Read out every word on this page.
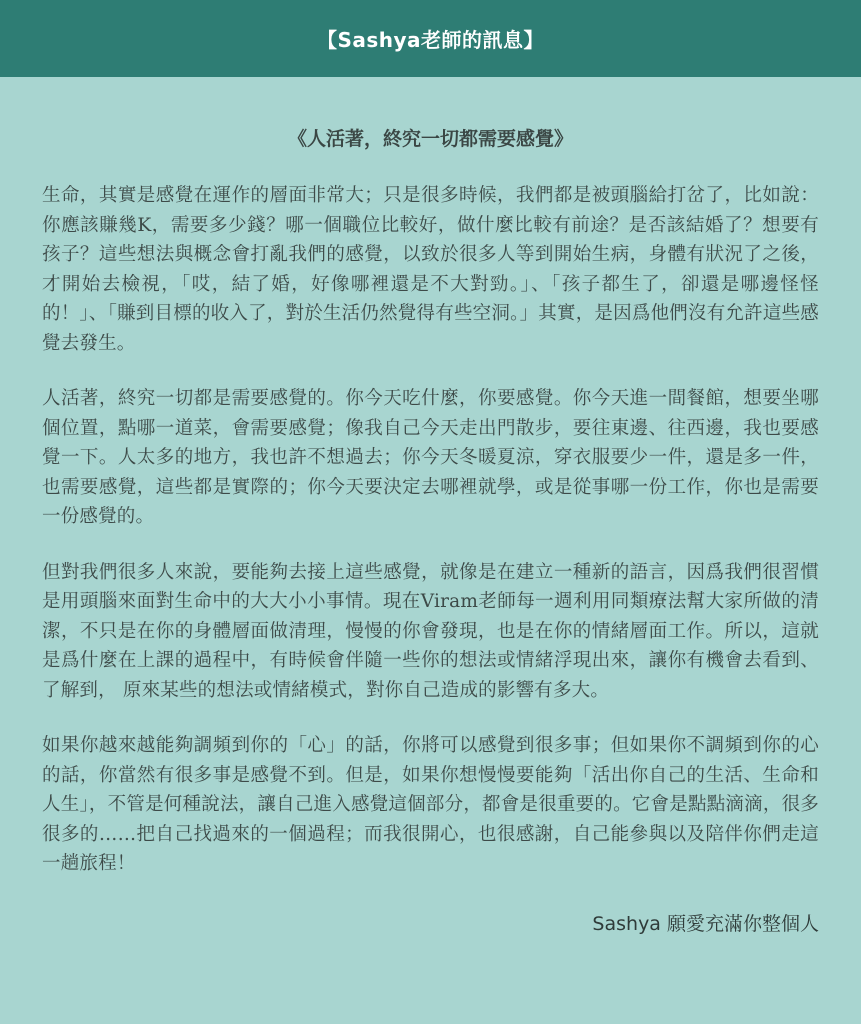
【Sashya老師的訊息】
《人活著，終究一切都需要感覺》

生命，其實是感覺在運作的層面非常大；只是很多時候，我們都是被頭腦給打岔了，比如說：你應該賺幾K，需要多少錢？哪一個職位比較好，做什麼比較有前途？是否該結婚了？想要有孩子？這些想法與概念會打亂我們的感覺，以致於很多人等到開始生病，身體有狀況了之後，才開始去檢視，「哎，結了婚，好像哪裡還是不大對勁。」、「孩子都生了，卻還是哪邊怪怪的！」、「賺到目標的收入了，對於生活仍然覺得有些空洞。」其實，是因爲他們沒有允許這些感覺去發生。

人活著，終究一切都是需要感覺的。你今天吃什麼，你要感覺。你今天進一間餐館，想要坐哪個位置，點哪一道菜，會需要感覺；像我自己今天走出門散步，要往東邊、往西邊，我也要感覺一下。人太多的地方，我也許不想過去；你今天冬暖夏涼，穿衣服要少一件，還是多一件，也需要感覺，這些都是實際的；你今天要決定去哪裡就學，或是從事哪一份工作，你也是需要一份感覺的。

但對我們很多人來說，要能夠去接上這些感覺，就像是在建立一種新的語言，因爲我們很習慣是用頭腦來面對生命中的大大小小事情。現在Viram老師每一週利用同類療法幫大家所做的清潔，不只是在你的身體層面做清理，慢慢的你會發現，也是在你的情緒層面工作。所以，這就是爲什麼在上課的過程中，有時候會伴隨一些你的想法或情緒浮現出來，讓你有機會去看到、了解到， 原來某些的想法或情緒模式，對你自己造成的影響有多大。

如果你越來越能夠調頻到你的「心」的話，你將可以感覺到很多事；但如果你不調頻到你的心的話，你當然有很多事是感覺不到。但是，如果你想慢慢要能夠「活出你自己的生活、生命和人生」，不管是何種說法，讓自己進入感覺這個部分，都會是很重要的。它會是點點滴滴，很多很多的……把自己找過來的一個過程；而我很開心，也很感謝，自己能參與以及陪伴你們走這一趟旅程！

Sashya 願愛充滿你整個人
